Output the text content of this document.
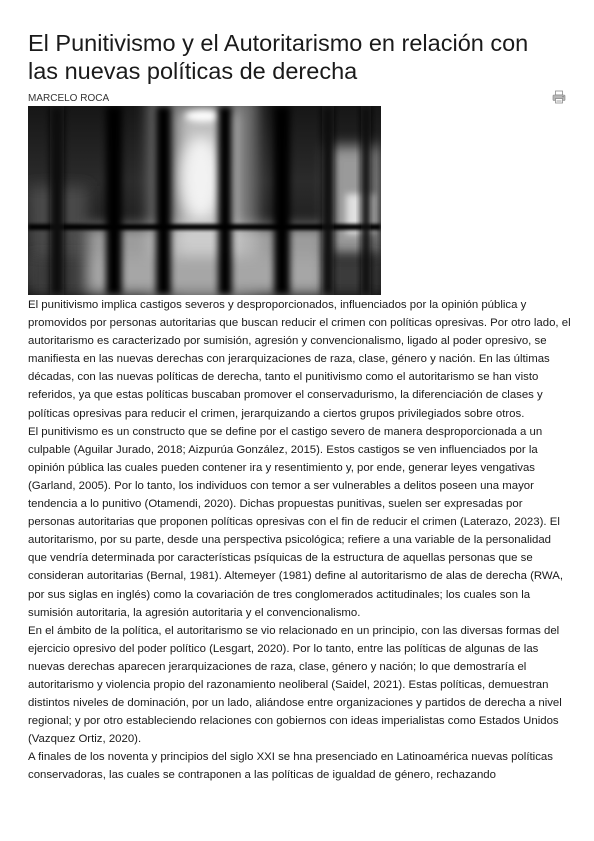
El Punitivismo y el Autoritarismo en relación con las nuevas políticas de derecha
MARCELO ROCA

El punitivismo implica castigos severos y desproporcionados, influenciados por la opinión pública y promovidos por personas autoritarias que buscan reducir el crimen con políticas opresivas. Por otro lado, el autoritarismo es caracterizado por sumisión, agresión y convencionalismo, ligado al poder opresivo, se manifiesta en las nuevas derechas con jerarquizaciones de raza, clase, género y nación. En las últimas décadas, con las nuevas políticas de derecha, tanto el punitivismo como el autoritarismo se han visto referidos, ya que estas políticas buscaban promover el conservadurismo, la diferenciación de clases y políticas opresivas para reducir el crimen, jerarquizando a ciertos grupos privilegiados sobre otros.

El punitivismo es un constructo que se define por el castigo severo de manera desproporcionada a un culpable (Aguilar Jurado, 2018; Aizpurúa González, 2015). Estos castigos se ven influenciados por la opinión pública las cuales pueden contener ira y resentimiento y, por ende, generar leyes vengativas (Garland, 2005). Por lo tanto, los individuos con temor a ser vulnerables a delitos poseen una mayor tendencia a lo punitivo (Otamendi, 2020). Dichas propuestas punitivas, suelen ser expresadas por personas autoritarias que proponen políticas opresivas con el fin de reducir el crimen (Laterazo, 2023). El autoritarismo, por su parte, desde una perspectiva psicológica; refiere a una variable de la personalidad que vendría determinada por características psíquicas de la estructura de aquellas personas que se consideran autoritarias (Bernal, 1981). Altemeyer (1981) define al autoritarismo de alas de derecha (RWA, por sus siglas en inglés) como la covariación de tres conglomerados actitudinales; los cuales son la sumisión autoritaria, la agresión autoritaria y el convencionalismo.

En el ámbito de la política, el autoritarismo se vio relacionado en un principio, con las diversas formas del ejercicio opresivo del poder político (Lesgart, 2020). Por lo tanto, entre las políticas de algunas de las nuevas derechas aparecen jerarquizaciones de raza, clase, género y nación; lo que demostraría el autoritarismo y violencia propio del razonamiento neoliberal (Saidel, 2021). Estas políticas, demuestran distintos niveles de dominación, por un lado, aliándose entre organizaciones y partidos de derecha a nivel regional; y por otro estableciendo relaciones con gobiernos con ideas imperialistas como Estados Unidos (Vazquez Ortiz, 2020).

A finales de los noventa y principios del siglo XXI se hna presenciado en Latinoamérica nuevas políticas conservadoras, las cuales se contraponen a las políticas de igualdad de género, rechazando
